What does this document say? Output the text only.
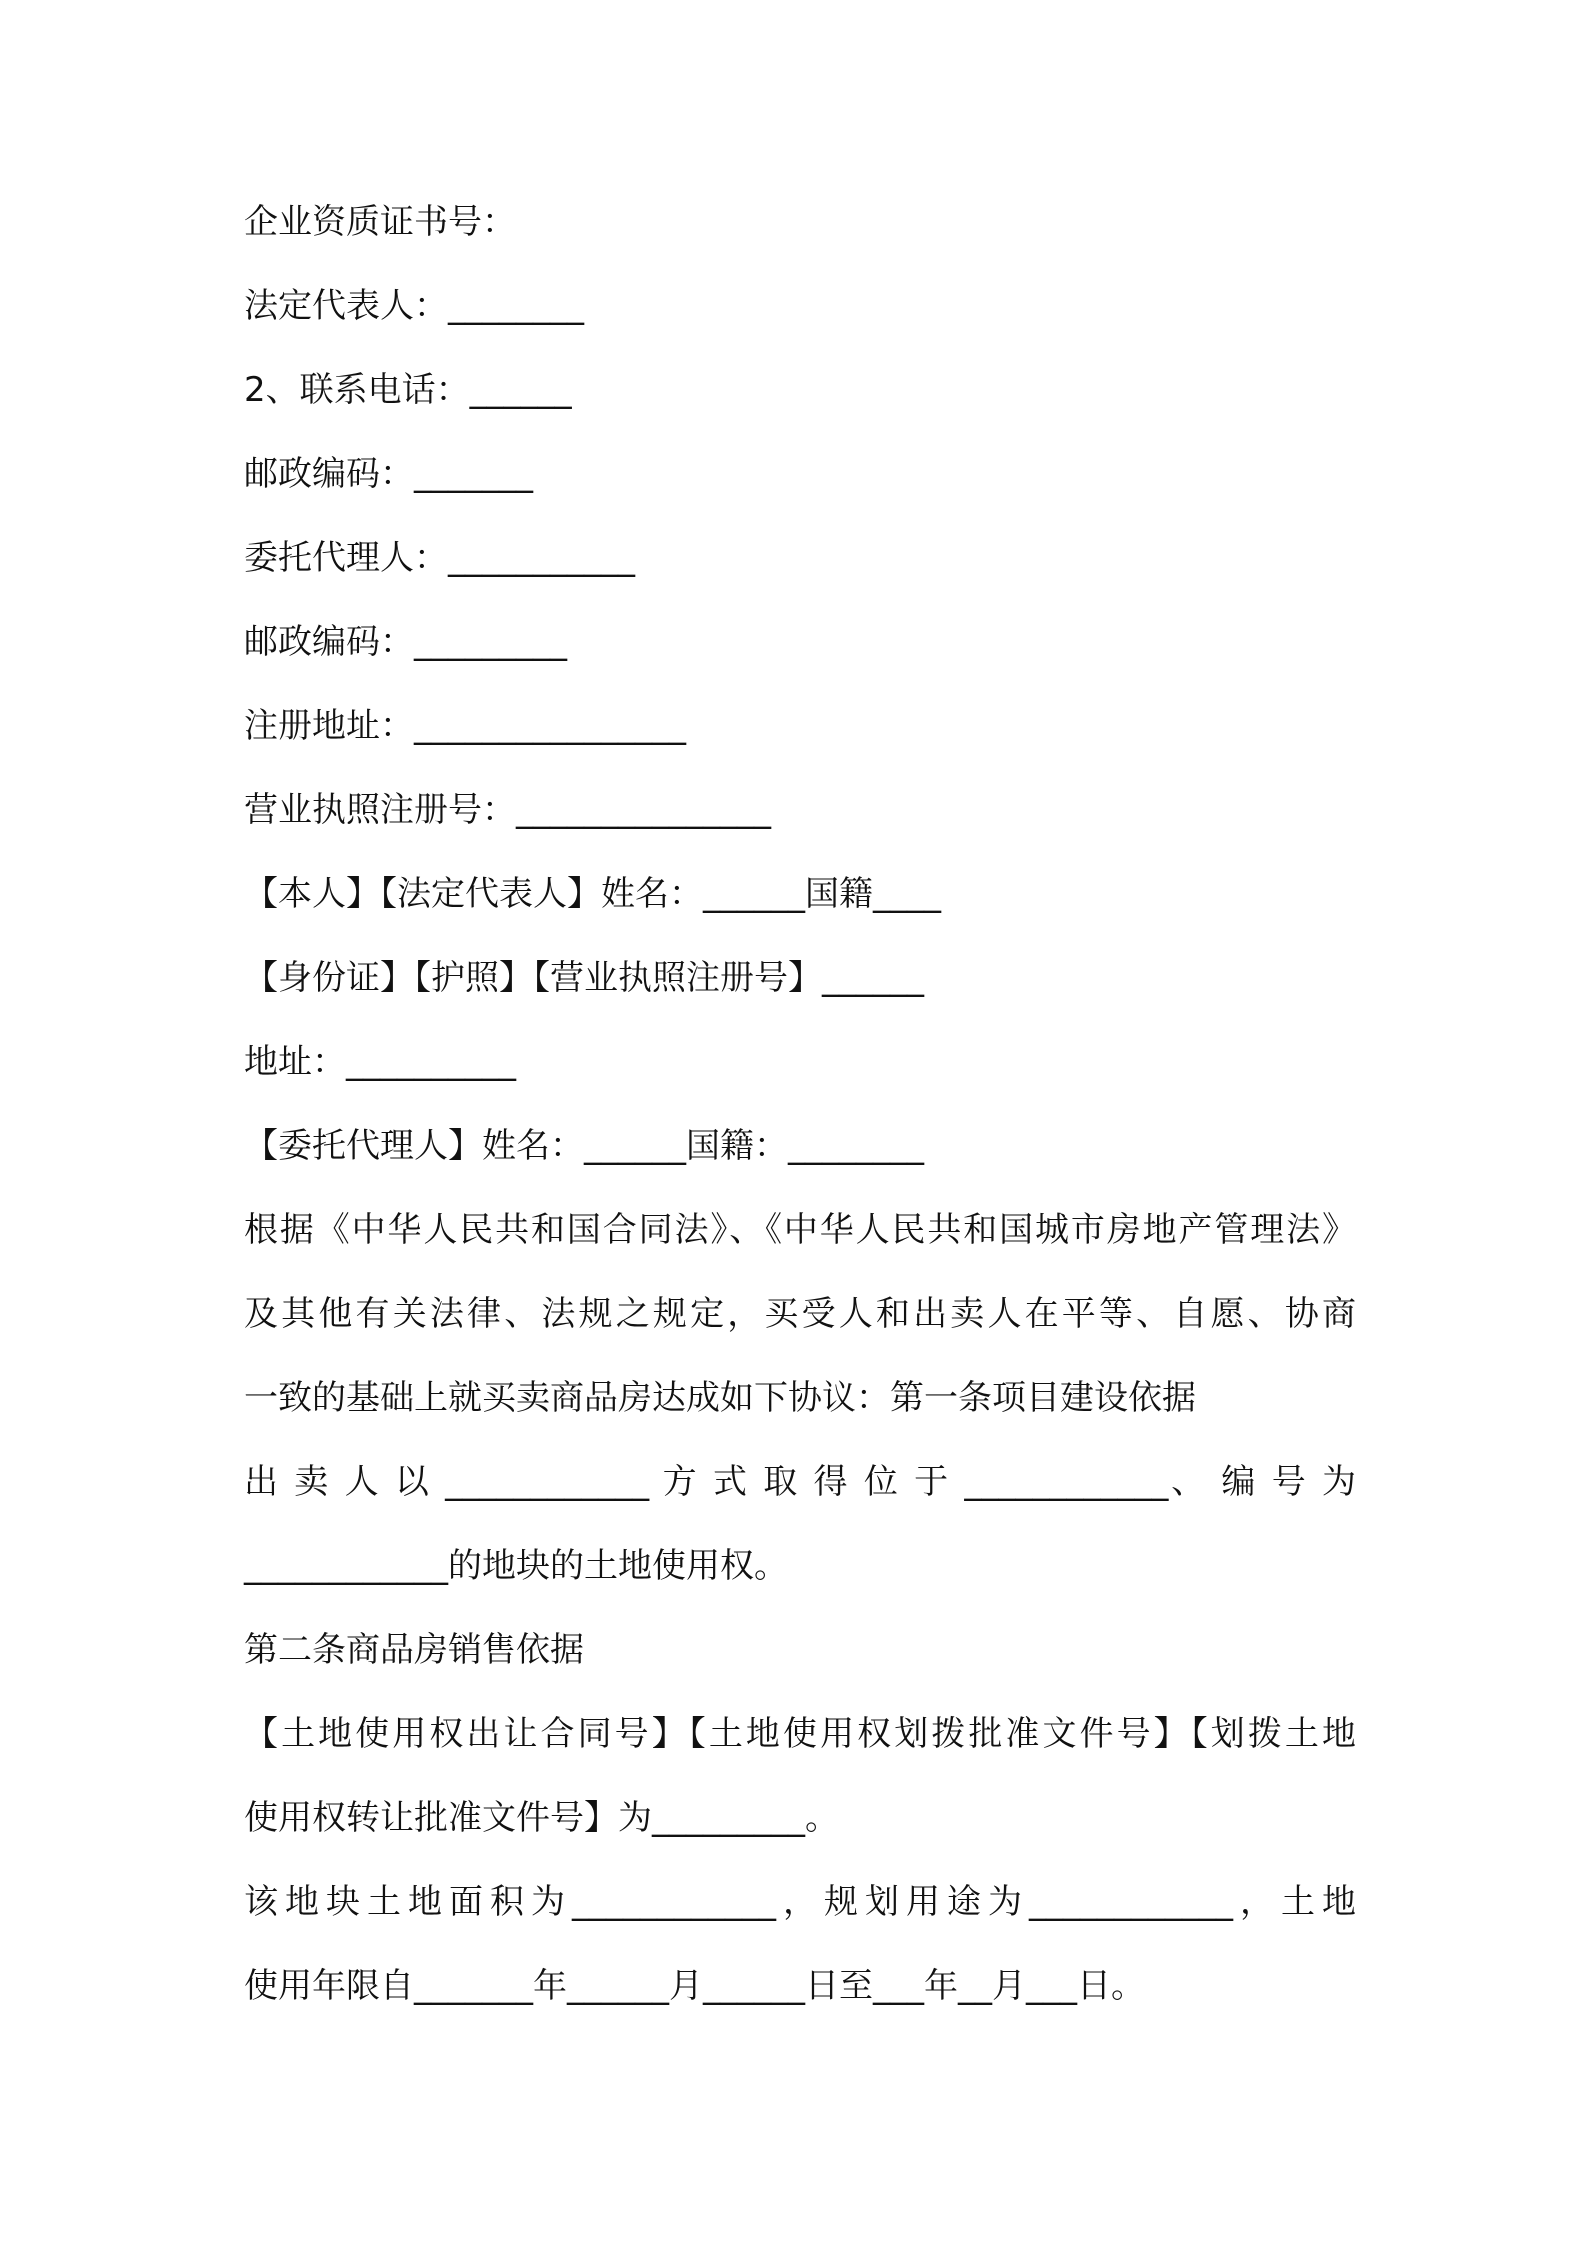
企业资质证书号：
法定代表人：________
2、联系电话：______
邮政编码：_______
委托代理人：___________
邮政编码：_________
注册地址：________________
营业执照注册号：_______________
【本人】【法定代表人】姓名：______国籍____
【身份证】【护照】【营业执照注册号】______
地址：__________
【委托代理人】姓名：______国籍：________
根据《中华人民共和国合同法》、《中华人民共和国城市房地产管理法》
及其他有关法律、法规之规定，买受人和出卖人在平等、自愿、协商
一致的基础上就买卖商品房达成如下协议：第一条项目建设依据
出 卖 人 以 ____________ 方 式 取 得 位 于 ____________、 编 号 为
____________的地块的土地使用权。
第二条商品房销售依据
【土地使用权出让合同号】【土地使用权划拨批准文件号】【划拨土地
使用权转让批准文件号】为_________。
该地块土地面积为____________，规划用途为____________，土地
使用年限自_______年______月______日至___年__月___日。
